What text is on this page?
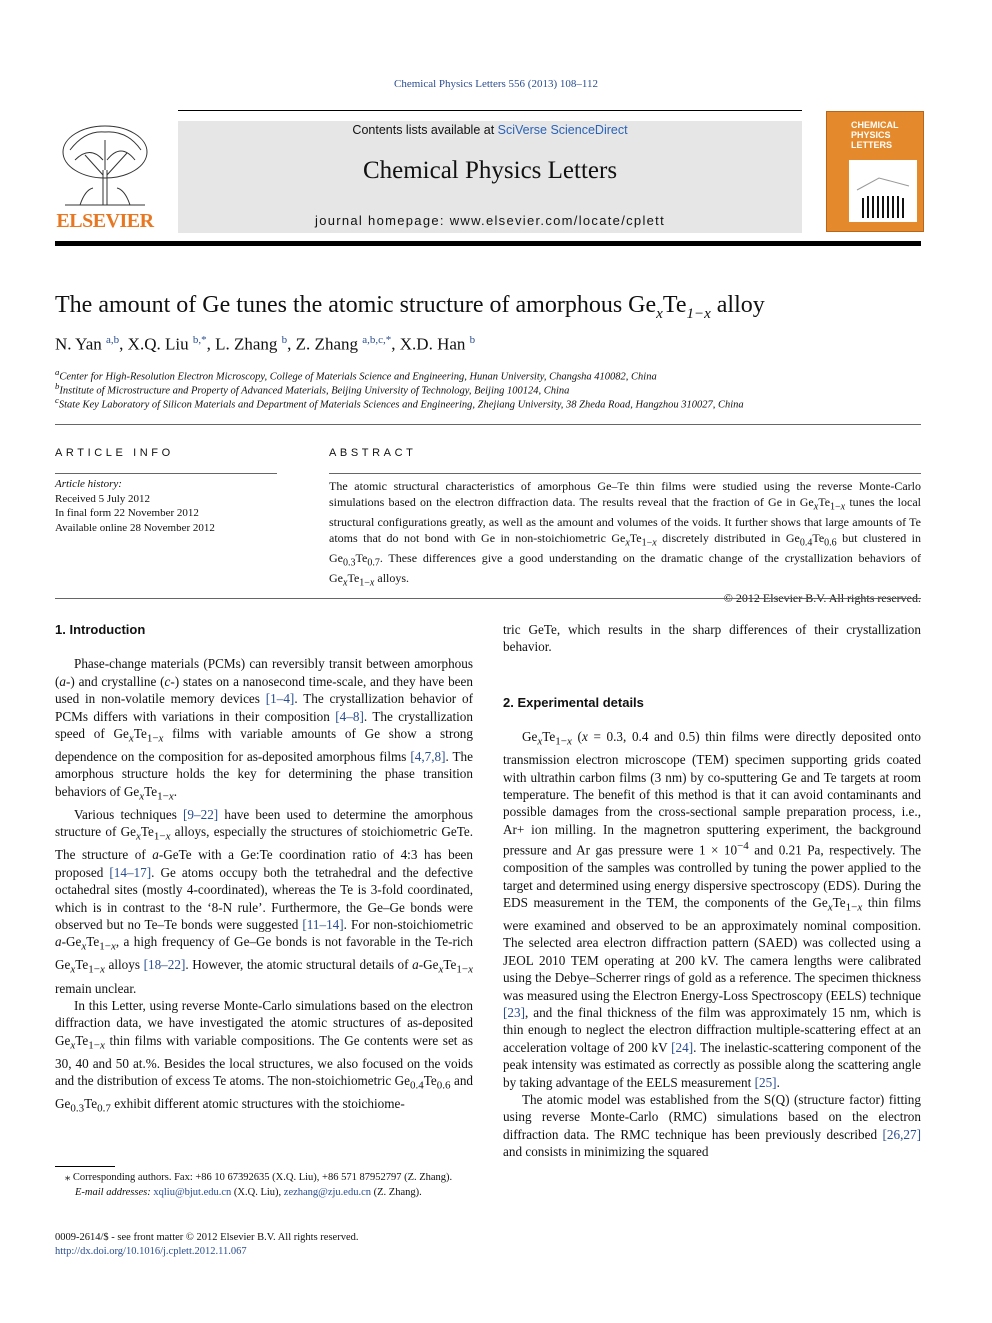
Chemical Physics Letters 556 (2013) 108–112
ELSEVIER
Contents lists available at SciVerse ScienceDirect
Chemical Physics Letters
journal homepage: www.elsevier.com/locate/cplett
CHEMICAL
PHYSICS
LETTERS
The amount of Ge tunes the atomic structure of amorphous $Ge_xTe_{1-x}$ alloy
N. Yan $^{a,b}$, X.Q. Liu $^{b,*}$, L. Zhang $^b$, Z. Zhang $^{a,b,c,*}$, X.D. Han $^b$
$^a$Center for High-Resolution Electron Microscopy, College of Materials Science and Engineering, Hunan University, Changsha 410082, China
$^b$Institute of Microstructure and Property of Advanced Materials, Beijing University of Technology, Beijing 100124, China
$^c$State Key Laboratory of Silicon Materials and Department of Materials Sciences and Engineering, Zhejiang University, 38 Zheda Road, Hangzhou 310027, China
ARTICLE INFO	ABSTRACT
Article history:
Received 5 July 2012
In final form 22 November 2012
Available online 28 November 2012
The atomic structural characteristics of amorphous Ge–Te thin films were studied using the reverse Monte-Carlo simulations based on the electron diffraction data. The results reveal that the fraction of Ge in $Ge_xTe_{1-x}$ tunes the local structural configurations greatly, as well as the amount and volumes of the voids. It further shows that large amounts of Te atoms that do not bond with Ge in non-stoichiometric $Ge_xTe_{1-x}$ discretely distributed in $Ge_{0.4}Te_{0.6}$ but clustered in $Ge_{0.3}Te_{0.7}$. These differences give a good understanding on the dramatic change of the crystallization behaviors of $Ge_xTe_{1-x}$ alloys.
© 2012 Elsevier B.V. All rights reserved.
1. Introduction

Phase-change materials (PCMs) can reversibly transit between amorphous (a-) and crystalline (c-) states on a nanosecond time-scale, and they have been used in non-volatile memory devices [1–4]. The crystallization behavior of PCMs differs with variations in their composition [4–8]. The crystallization speed of $Ge_xTe_{1-x}$ films with variable amounts of Ge show a strong dependence on the composition for as-deposited amorphous films [4,7,8]. The amorphous structure holds the key for determining the phase transition behaviors of $Ge_xTe_{1-x}$.

Various techniques [9–22] have been used to determine the amorphous structure of $Ge_xTe_{1-x}$ alloys, especially the structures of stoichiometric GeTe. The structure of a-GeTe with a Ge:Te coordination ratio of 4:3 has been proposed [14–17]. Ge atoms occupy both the tetrahedral and the defective octahedral sites (mostly 4-coordinated), whereas the Te is 3-fold coordinated, which is in contrast to the ‘8-N rule’. Furthermore, the Ge–Ge bonds were observed but no Te–Te bonds were suggested [11–14]. For non-stoichiometric $a-Ge_xTe_{1-x}$, a high frequency of Ge–Ge bonds is not favorable in the Te-rich $Ge_xTe_{1-x}$ alloys [18–22]. However, the atomic structural details of $a-Ge_xTe_{1-x}$ remain unclear.

In this Letter, using reverse Monte-Carlo simulations based on the electron diffraction data, we have investigated the atomic structures of as-deposited $Ge_xTe_{1-x}$ thin films with variable compositions. The Ge contents were set as 30, 40 and 50 at.%. Besides the local structures, we also focused on the voids and the distribution of excess Te atoms. The non-stoichiometric $Ge_{0.4}Te_{0.6}$ and $Ge_{0.3}Te_{0.7}$ exhibit different atomic structures with the stoichiome-

⁎ Corresponding authors. Fax: +86 10 67392635 (X.Q. Liu), +86 571 87952797 (Z. Zhang).
E-mail addresses: xqliu@bjut.edu.cn (X.Q. Liu), zezhang@zju.edu.cn (Z. Zhang).
0009-2614/$ - see front matter © 2012 Elsevier B.V. All rights reserved.
http://dx.doi.org/10.1016/j.cplett.2012.11.067

tric GeTe, which results in the sharp differences of their crystallization behavior.

2. Experimental details

$Ge_xTe_{1-x}$ (x = 0.3, 0.4 and 0.5) thin films were directly deposited onto transmission electron microscope (TEM) specimen supporting grids coated with ultrathin carbon films (3 nm) by co-sputtering Ge and Te targets at room temperature. The benefit of this method is that it can avoid contaminants and possible damages from the cross-sectional sample preparation process, i.e., Ar+ ion milling. In the magnetron sputtering experiment, the background pressure and Ar gas pressure were $1 \times 10^{-4}$ and 0.21 Pa, respectively. The composition of the samples was controlled by tuning the power applied to the target and determined using energy dispersive spectroscopy (EDS). During the EDS measurement in the TEM, the components of the $Ge_xTe_{1-x}$ thin films were examined and observed to be an approximately nominal composition. The selected area electron diffraction pattern (SAED) was collected using a JEOL 2010 TEM operating at 200 kV. The camera lengths were calibrated using the Debye–Scherrer rings of gold as a reference. The specimen thickness was measured using the Electron Energy-Loss Spectroscopy (EELS) technique [23], and the final thickness of the film was approximately 15 nm, which is thin enough to neglect the electron diffraction multiple-scattering effect at an acceleration voltage of 200 kV [24]. The inelastic-scattering component of the peak intensity was estimated as correctly as possible along the scattering angle by taking advantage of the EELS measurement [25].

The atomic model was established from the S(Q) (structure factor) fitting using reverse Monte-Carlo (RMC) simulations based on the electron diffraction data. The RMC technique has been previously described [26,27] and consists in minimizing the squared
